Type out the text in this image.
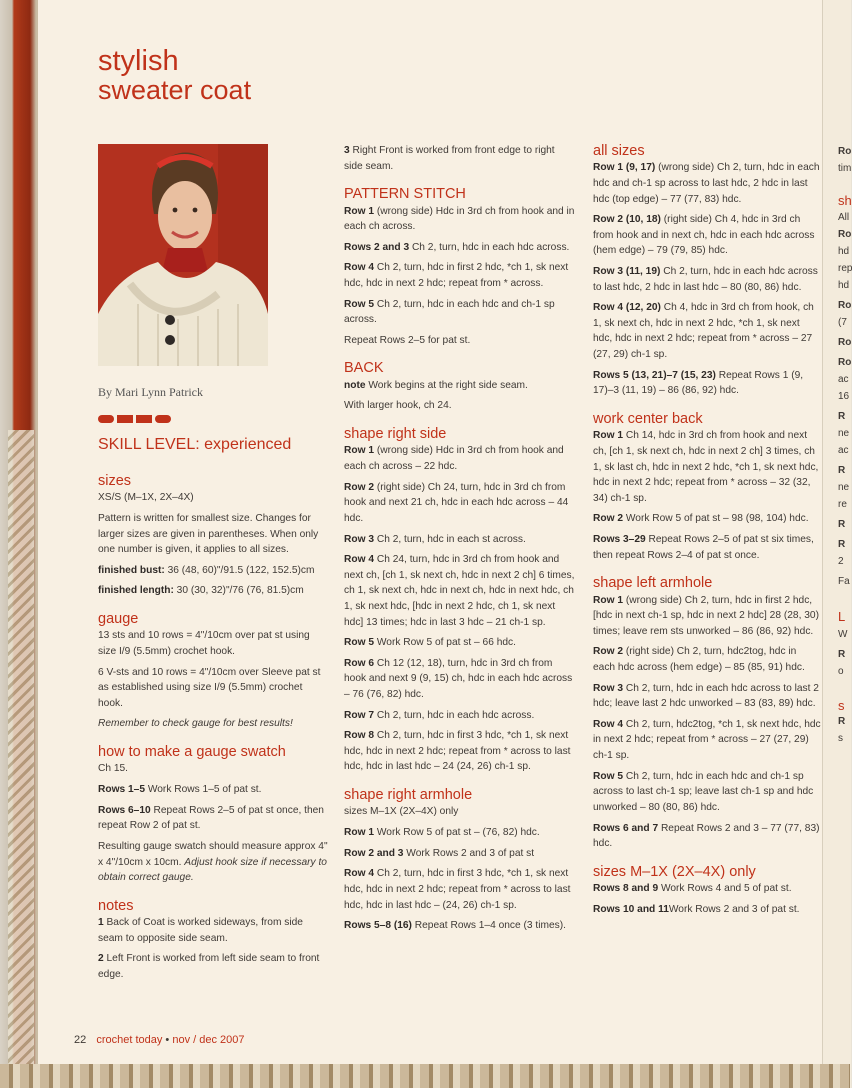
stylish
sweater coat

By Mari Lynn Patrick

SKILL LEVEL: experienced
sizes

XS/S (M–1X, 2X–4X)

Pattern is written for smallest size. Changes for larger sizes are given in parentheses. When only one number is given, it applies to all sizes.

finished bust: 36 (48, 60)"/91.5 (122, 152.5)cm

finished length: 30 (30, 32)"/76 (76, 81.5)cm

gauge

13 sts and 10 rows = 4"/10cm over pat st using size I/9 (5.5mm) crochet hook.

6 V-sts and 10 rows = 4"/10cm over Sleeve pat st as established using size I/9 (5.5mm) crochet hook.

Remember to check gauge for best results!

how to make a gauge swatch

Ch 15.

Rows 1–5 Work Rows 1–5 of pat st.

Rows 6–10 Repeat Rows 2–5 of pat st once, then repeat Row 2 of pat st.

Resulting gauge swatch should measure approx 4" x 4"/10cm x 10cm. Adjust hook size if necessary to obtain correct gauge.

notes

1 Back of Coat is worked sideways, from side seam to opposite side seam.

2 Left Front is worked from left side seam to front edge.

3 Right Front is worked from front edge to right side seam.

PATTERN STITCH

Row 1 (wrong side) Hdc in 3rd ch from hook and in each ch across.

Rows 2 and 3 Ch 2, turn, hdc in each hdc across.

Row 4 Ch 2, turn, hdc in first 2 hdc, *ch 1, sk next hdc, hdc in next 2 hdc; repeat from * across.

Row 5 Ch 2, turn, hdc in each hdc and ch-1 sp across.

Repeat Rows 2–5 for pat st.

BACK

note Work begins at the right side seam.

With larger hook, ch 24.

shape right side

Row 1 (wrong side) Hdc in 3rd ch from hook and each ch across – 22 hdc.

Row 2 (right side) Ch 24, turn, hdc in 3rd ch from hook and next 21 ch, hdc in each hdc across – 44 hdc.

Row 3 Ch 2, turn, hdc in each st across.

Row 4 Ch 24, turn, hdc in 3rd ch from hook and next ch, [ch 1, sk next ch, hdc in next 2 ch] 6 times, ch 1, sk next ch, hdc in next ch, hdc in next hdc, ch 1, sk next hdc, [hdc in next 2 hdc, ch 1, sk next hdc] 13 times; hdc in last 3 hdc – 21 ch-1 sp.

Row 5 Work Row 5 of pat st – 66 hdc.

Row 6 Ch 12 (12, 18), turn, hdc in 3rd ch from hook and next 9 (9, 15) ch, hdc in each hdc across – 76 (76, 82) hdc.

Row 7 Ch 2, turn, hdc in each hdc across.

Row 8 Ch 2, turn, hdc in first 3 hdc, *ch 1, sk next hdc, hdc in next 2 hdc; repeat from * across to last hdc, hdc in last hdc – 24 (24, 26) ch-1 sp.

shape right armhole

sizes M–1X (2X–4X) only

Row 1 Work Row 5 of pat st – (76, 82) hdc.

Row 2 and 3 Work Rows 2 and 3 of pat st

Row 4 Ch 2, turn, hdc in first 3 hdc, *ch 1, sk next hdc, hdc in next 2 hdc; repeat from * across to last hdc, hdc in last hdc – (24, 26) ch-1 sp.

Rows 5–8 (16) Repeat Rows 1–4 once (3 times).

all sizes

Row 1 (9, 17) (wrong side) Ch 2, turn, hdc in each hdc and ch-1 sp across to last hdc, 2 hdc in last hdc (top edge) – 77 (77, 83) hdc.

Row 2 (10, 18) (right side) Ch 4, hdc in 3rd ch from hook and in next ch, hdc in each hdc across (hem edge) – 79 (79, 85) hdc.

Row 3 (11, 19) Ch 2, turn, hdc in each hdc across to last hdc, 2 hdc in last hdc – 80 (80, 86) hdc.

Row 4 (12, 20) Ch 4, hdc in 3rd ch from hook, ch 1, sk next ch, hdc in next 2 hdc, *ch 1, sk next hdc, hdc in next 2 hdc; repeat from * across – 27 (27, 29) ch-1 sp.

Rows 5 (13, 21)–7 (15, 23) Repeat Rows 1 (9, 17)–3 (11, 19) – 86 (86, 92) hdc.

work center back

Row 1 Ch 14, hdc in 3rd ch from hook and next ch, [ch 1, sk next ch, hdc in next 2 ch] 3 times, ch 1, sk last ch, hdc in next 2 hdc, *ch 1, sk next hdc, hdc in next 2 hdc; repeat from * across – 32 (32, 34) ch-1 sp.

Row 2 Work Row 5 of pat st – 98 (98, 104) hdc.

Rows 3–29 Repeat Rows 2–5 of pat st six times, then repeat Rows 2–4 of pat st once.

shape left armhole

Row 1 (wrong side) Ch 2, turn, hdc in first 2 hdc, [hdc in next ch-1 sp, hdc in next 2 hdc] 28 (28, 30) times; leave rem sts unworked – 86 (86, 92) hdc.

Row 2 (right side) Ch 2, turn, hdc2tog, hdc in each hdc across (hem edge) – 85 (85, 91) hdc.

Row 3 Ch 2, turn, hdc in each hdc across to last 2 hdc; leave last 2 hdc unworked – 83 (83, 89) hdc.

Row 4 Ch 2, turn, hdc2tog, *ch 1, sk next hdc, hdc in next 2 hdc; repeat from * across – 27 (27, 29) ch-1 sp.

Row 5 Ch 2, turn, hdc in each hdc and ch-1 sp across to last ch-1 sp; leave last ch-1 sp and hdc unworked – 80 (80, 86) hdc.

Rows 6 and 7 Repeat Rows 2 and 3 – 77 (77, 83) hdc.

sizes M–1X (2X–4X) only

Rows 8 and 9 Work Rows 4 and 5 of pat st.

Rows 10 and 11Work Rows 2 and 3 of pat st.

Ro
tim
sh
All
Ro
hd
rep
hd
Ro
(7
Ro
Ro
ac
16
R
ne
ac
R
ne
re
R
R
2
Fa
L
W
R
o
s
R
s
22 crochet today • nov / dec 2007
